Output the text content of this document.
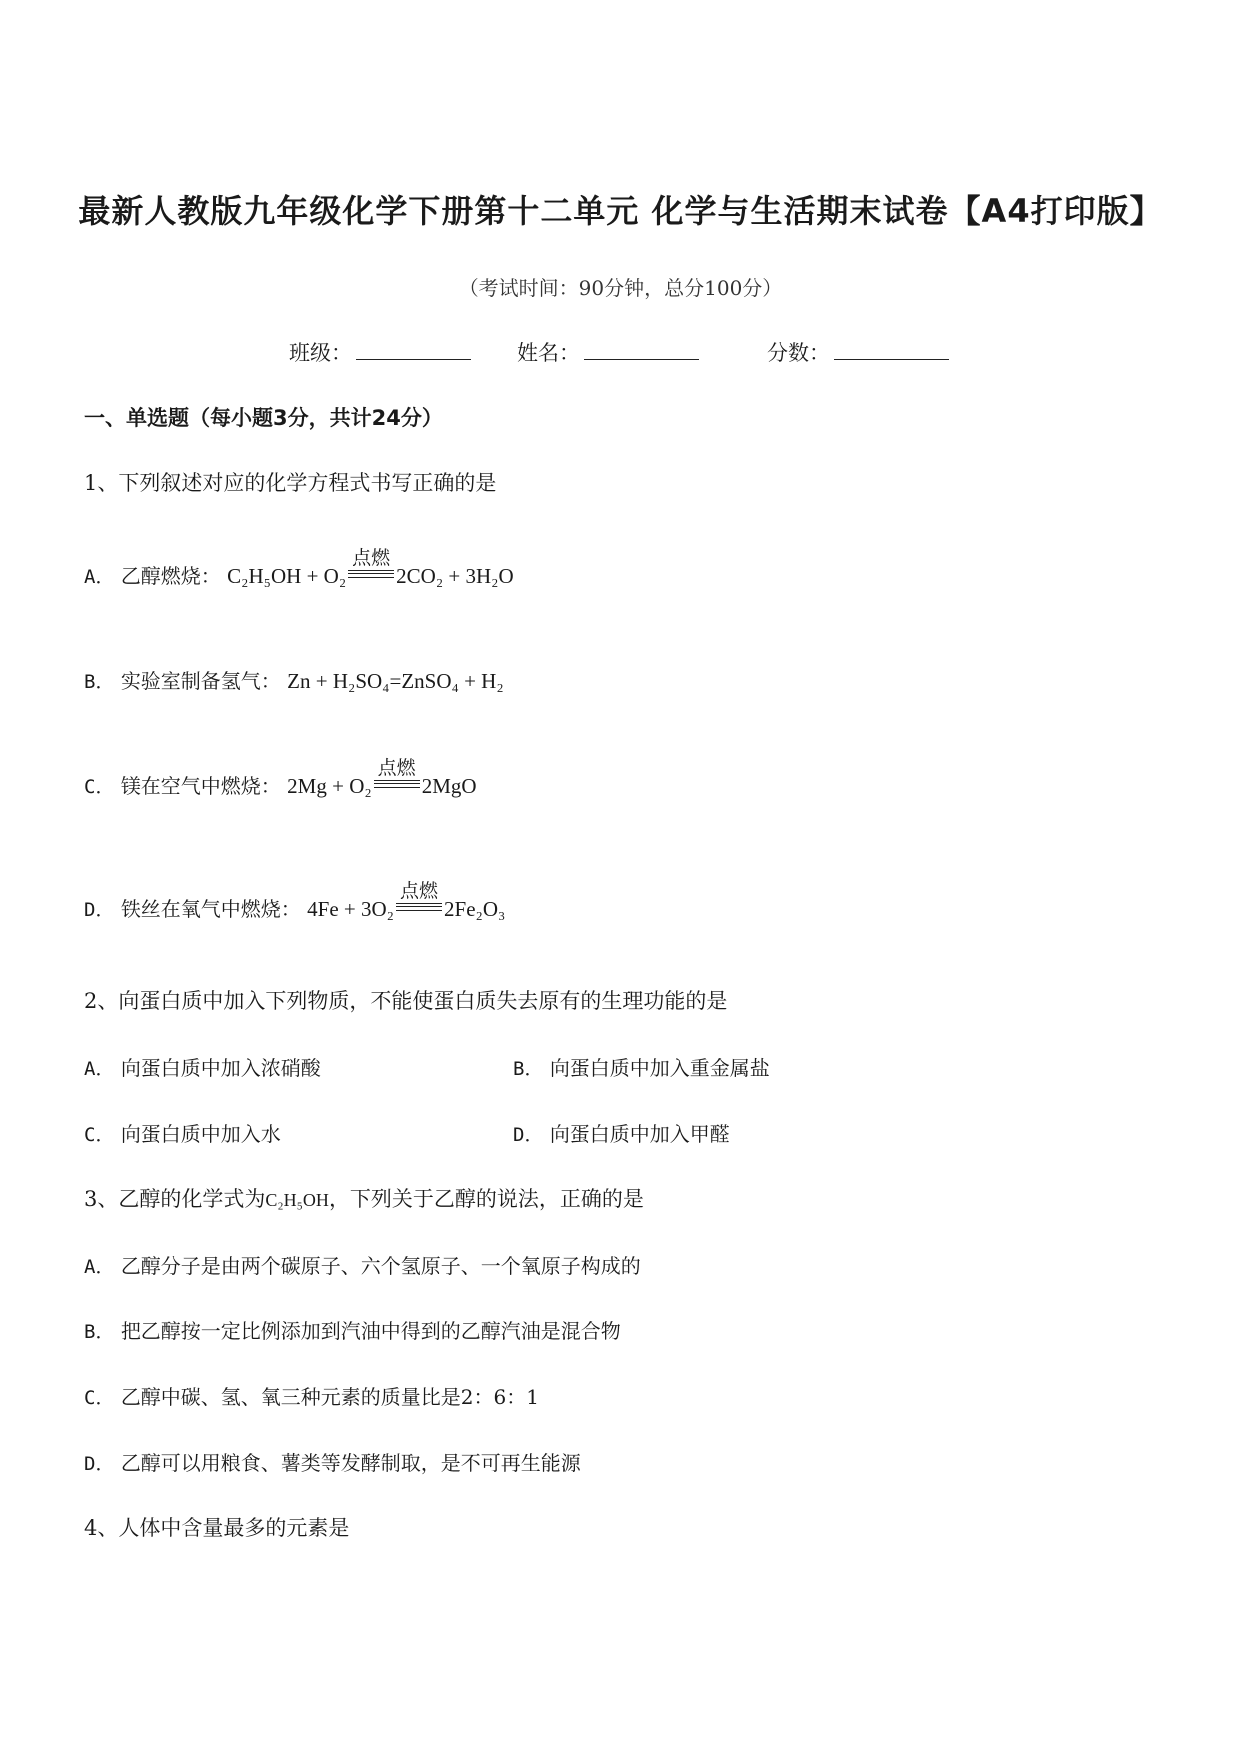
最新人教版九年级化学下册第十二单元 化学与生活期末试卷【A4打印版】
（考试时间：90分钟，总分100分）
班级：	姓名：	分数：
一、单选题（每小题3分，共计24分）
1、下列叙述对应的化学方程式书写正确的是
A． 乙醇燃烧： C₂H₅OH + O₂
点燃
2CO₂ + 3H₂O
B． 实验室制备氢气： Zn + H₂SO₄=ZnSO₄ + H₂
C． 镁在空气中燃烧： 2Mg + O₂
点燃
2MgO
D． 铁丝在氧气中燃烧： 4Fe + 3O₂
点燃
2Fe₂O₃
2、向蛋白质中加入下列物质，不能使蛋白质失去原有的生理功能的是
A． 向蛋白质中加入浓硝酸	B． 向蛋白质中加入重金属盐
C． 向蛋白质中加入水	D． 向蛋白质中加入甲醛
3、乙醇的化学式为C₂H₅OH，下列关于乙醇的说法，正确的是
A． 乙醇分子是由两个碳原子、六个氢原子、一个氧原子构成的
B． 把乙醇按一定比例添加到汽油中得到的乙醇汽油是混合物
C． 乙醇中碳、氢、氧三种元素的质量比是2：6：1
D． 乙醇可以用粮食、薯类等发酵制取，是不可再生能源
4、人体中含量最多的元素是
